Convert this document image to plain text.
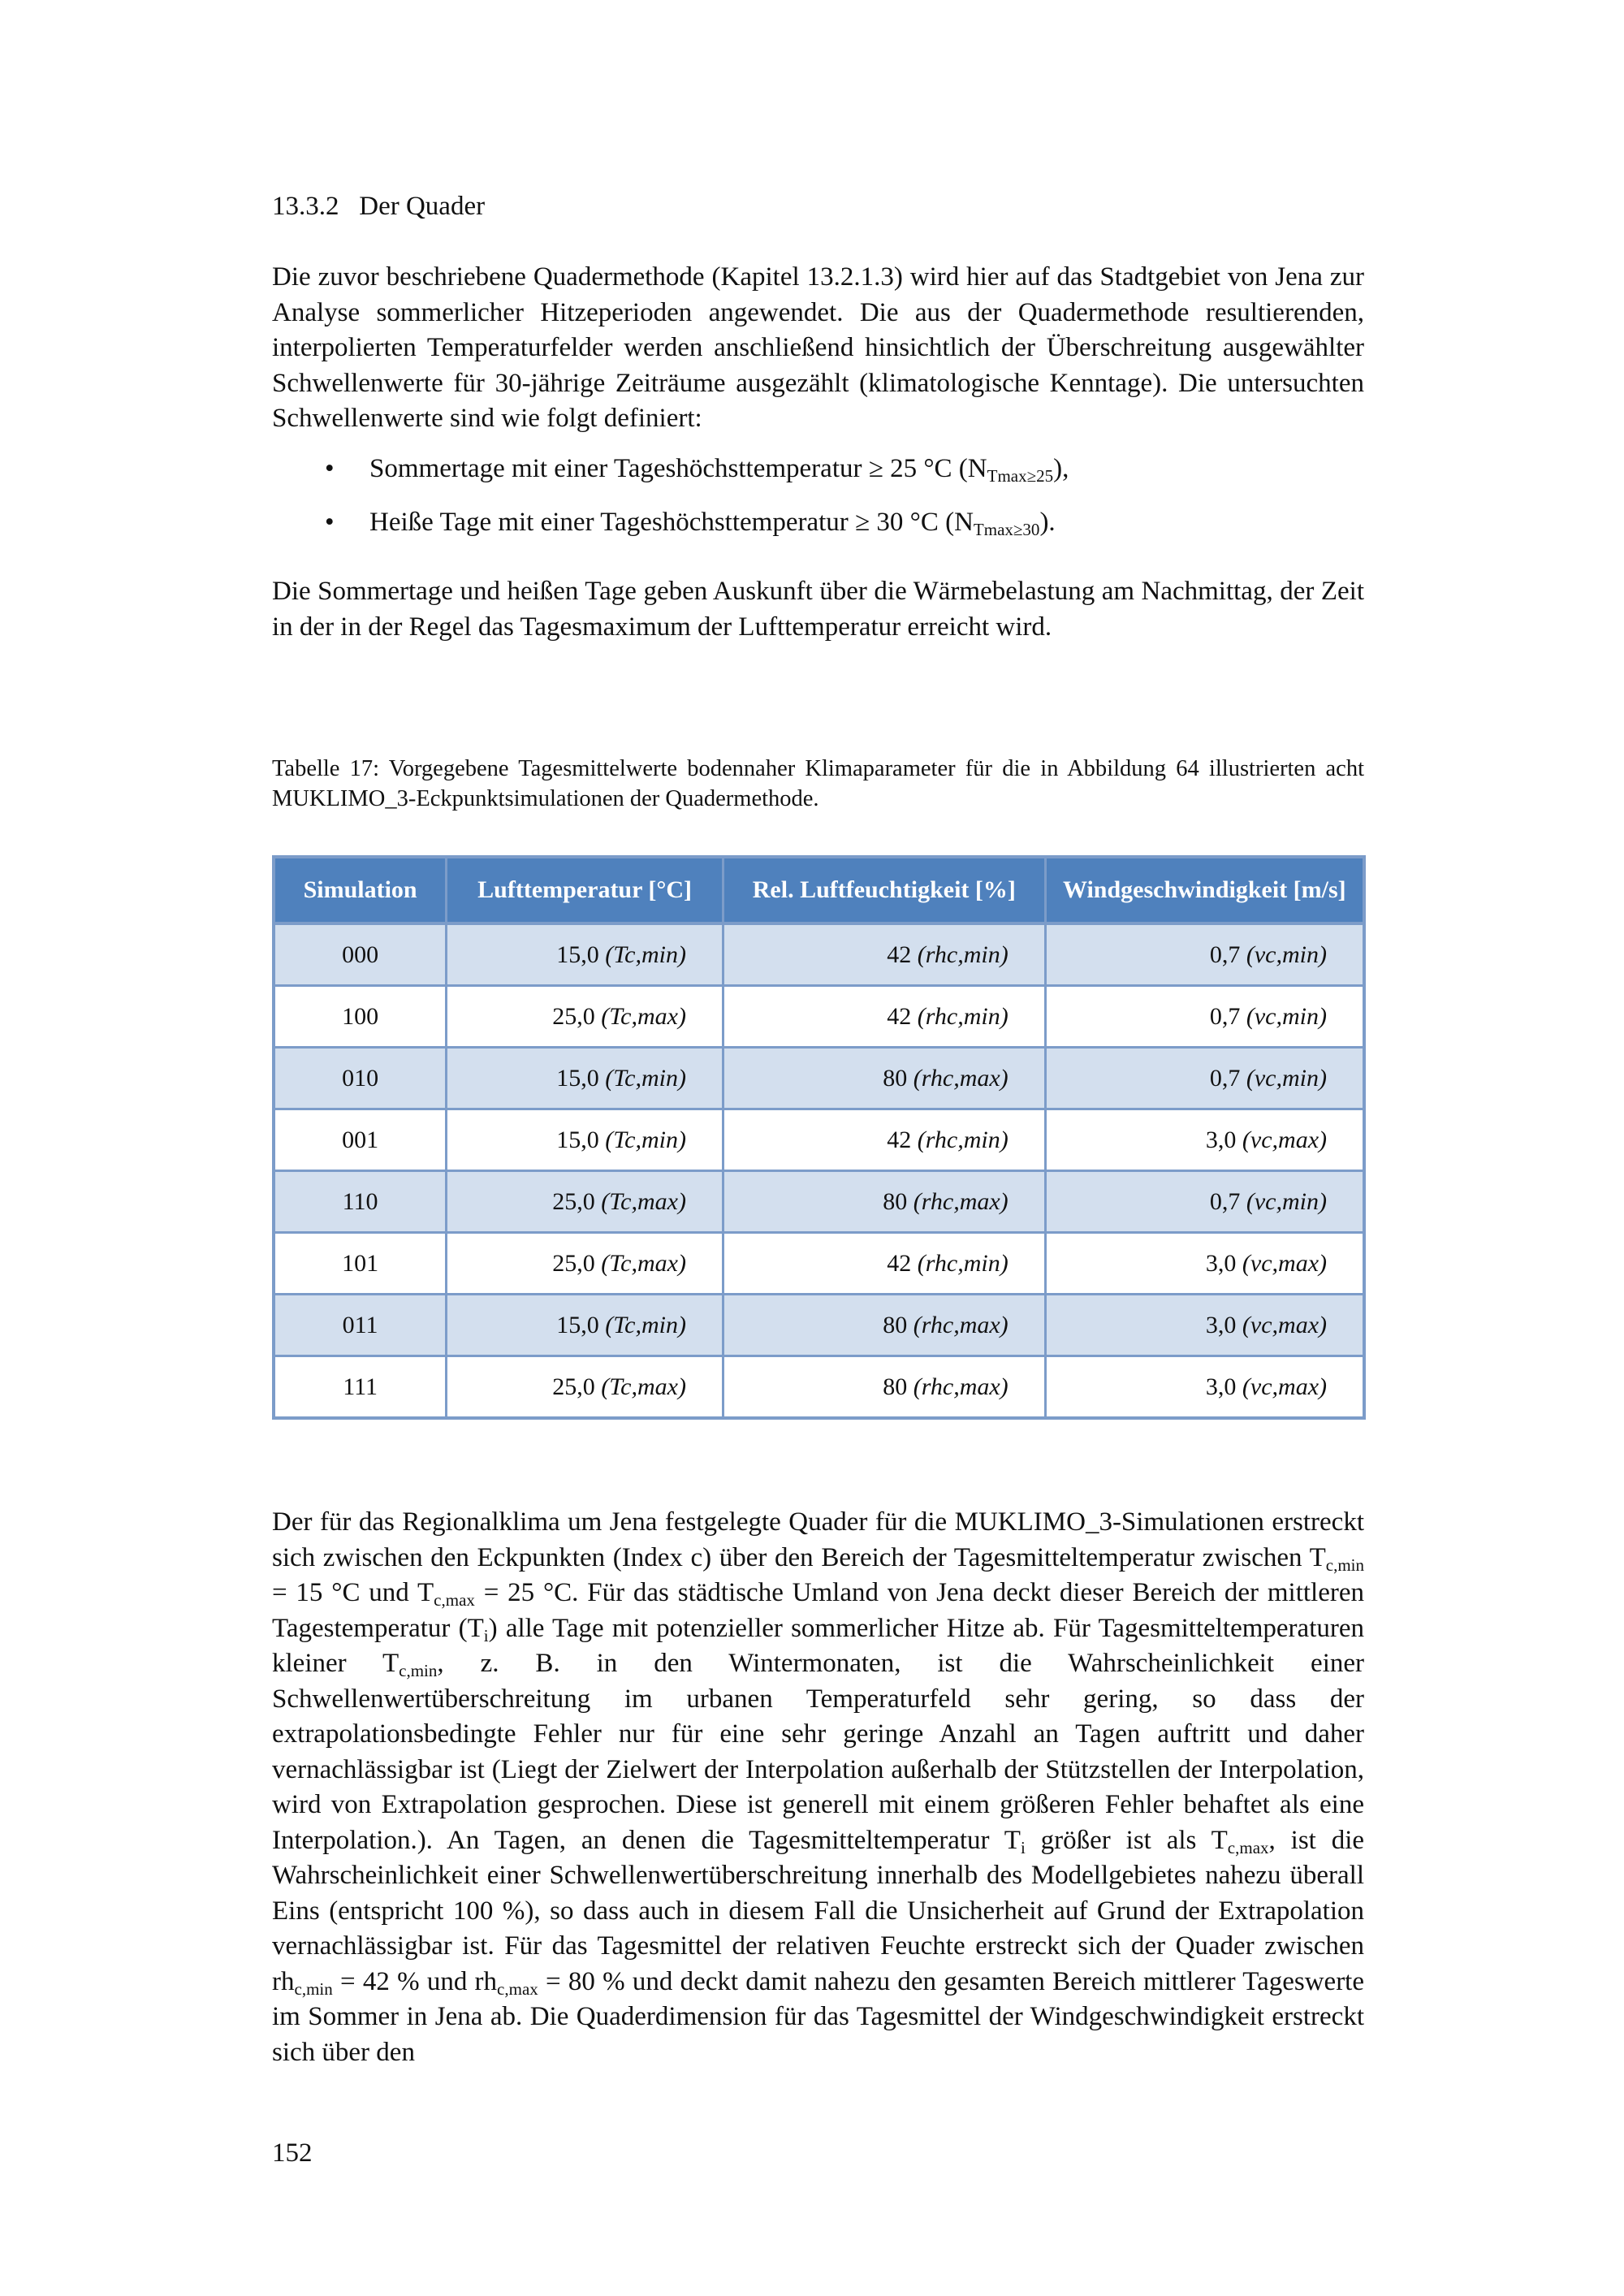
13.3.2 Der Quader
Die zuvor beschriebene Quadermethode (Kapitel 13.2.1.3) wird hier auf das Stadtgebiet von Jena zur Analyse sommerlicher Hitzeperioden angewendet. Die aus der Quadermethode resultierenden, interpolierten Temperaturfelder werden anschließend hinsichtlich der Überschreitung ausgewählter Schwellenwerte für 30-jährige Zeiträume ausgezählt (klimatologische Kenntage). Die untersuchten Schwellenwerte sind wie folgt definiert:
• Sommertage mit einer Tageshöchsttemperatur ≥ 25 °C $(N_{Tmax\ge 25})$,
• Heiße Tage mit einer Tageshöchsttemperatur ≥ 30 °C $(N_{Tmax\ge 30})$.
Die Sommertage und heißen Tage geben Auskunft über die Wärmebelastung am Nachmittag, der Zeit in der in der Regel das Tagesmaximum der Lufttemperatur erreicht wird.
Tabelle 17: Vorgegebene Tagesmittelwerte bodennaher Klimaparameter für die in Abbildung 64 illustrierten acht MUKLIMO_3-Eckpunktsimulationen der Quadermethode.
Simulation	Lufttemperatur [°C]	Rel. Luftfeuchtigkeit [%]	Windgeschwindigkeit [m/s]
000	15,0 (Tc,min)	42 (rhc,min)	0,7 (vc,min)
100	25,0 (Tc,max)	42 (rhc,min)	0,7 (vc,min)
010	15,0 (Tc,min)	80 (rhc,max)	0,7 (vc,min)
001	15,0 (Tc,min)	42 (rhc,min)	3,0 (vc,max)
110	25,0 (Tc,max)	80 (rhc,max)	0,7 (vc,min)
101	25,0 (Tc,max)	42 (rhc,min)	3,0 (vc,max)
011	15,0 (Tc,min)	80 (rhc,max)	3,0 (vc,max)
111	25,0 (Tc,max)	80 (rhc,max)	3,0 (vc,max)
Der für das Regionalklima um Jena festgelegte Quader für die MUKLIMO_3-Simulationen erstreckt sich zwischen den Eckpunkten (Index c) über den Bereich der Tagesmitteltemperatur zwischen $T_{c,min} = 15$ °C und $T_{c,max} = 25$ °C. Für das städtische Umland von Jena deckt dieser Bereich der mittleren Tagestemperatur $(T_i)$ alle Tage mit potenzieller sommerlicher Hitze ab. Für Tagesmitteltemperaturen kleiner $T_{c,min}$, z. B. in den Wintermonaten, ist die Wahrscheinlichkeit einer Schwellenwertüberschreitung im urbanen Temperaturfeld sehr gering, so dass der extrapolationsbedingte Fehler nur für eine sehr geringe Anzahl an Tagen auftritt und daher vernachlässigbar ist (Liegt der Zielwert der Interpolation außerhalb der Stützstellen der Interpolation, wird von Extrapolation gesprochen. Diese ist generell mit einem größeren Fehler behaftet als eine Interpolation.). An Tagen, an denen die Tagesmitteltemperatur $T_i$ größer ist als $T_{c,max}$, ist die Wahrscheinlichkeit einer Schwellenwertüberschreitung innerhalb des Modellgebietes nahezu überall Eins (entspricht 100 %), so dass auch in diesem Fall die Unsicherheit auf Grund der Extrapolation vernachlässigbar ist. Für das Tagesmittel der relativen Feuchte erstreckt sich der Quader zwischen $rh_{c,min} = 42$ % und $rh_{c,max} = 80$ % und deckt damit nahezu den gesamten Bereich mittlerer Tageswerte im Sommer in Jena ab. Die Quaderdimension für das Tagesmittel der Windgeschwindigkeit erstreckt sich über den
152
